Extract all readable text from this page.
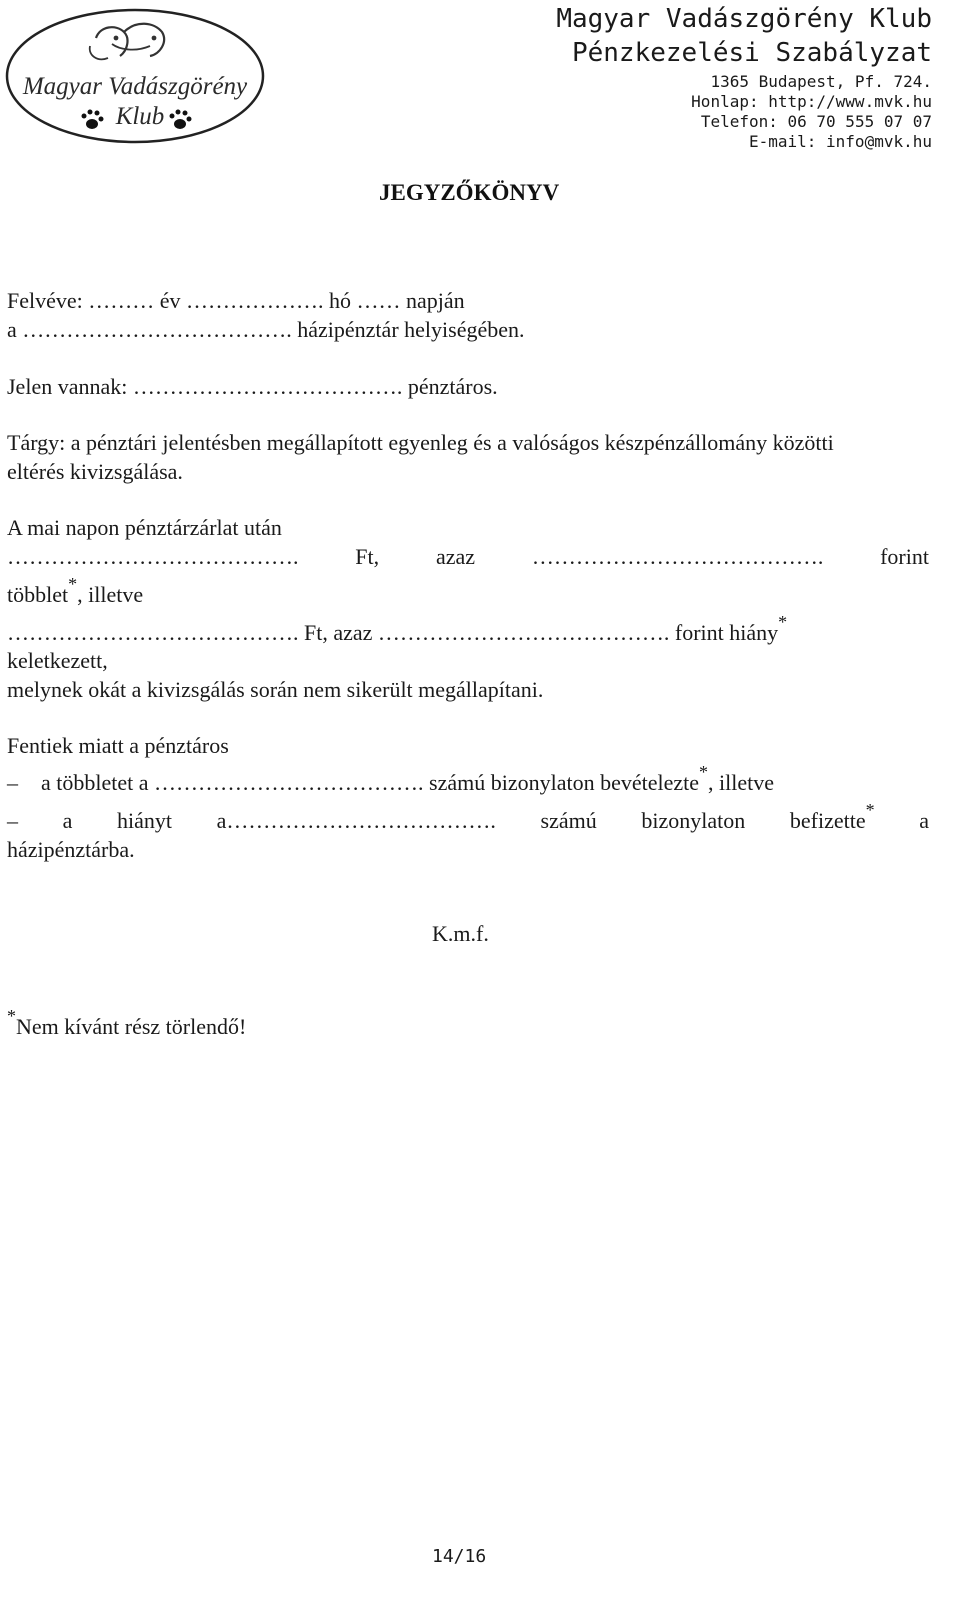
Magyar Vadászgörény
Klub
Magyar Vadászgörény Klub
Pénzkezelési Szabályzat
1365 Budapest, Pf. 724.
Honlap: http://www.mvk.hu
Telefon: 06 70 555 07 07
E-mail: info@mvk.hu
JEGYZŐKÖNYV
Felvéve: ……… év ………………. hó …… napján
a ………………………………. házipénztár helyiségében.
Jelen vannak: ………………………………. pénztáros.
Tárgy: a pénztári jelentésben megállapított egyenleg és a valóságos készpénzállomány közötti
eltérés kivizsgálása.
A mai napon pénztárzárlat után
………………………………….	Ft,	azaz	………………………………….	forint
többlet*, illetve
…………………………………. Ft, azaz …………………………………. forint hiány*
keletkezett,
melynek okát a kivizsgálás során nem sikerült megállapítani.
Fentiek miatt a pénztáros
– a többletet a ………………………………. számú bizonylaton bevételezte*, illetve
– a hiányt a………………………………. számú bizonylaton befizette* a
házipénztárba.
K.m.f.
*Nem kívánt rész törlendő!
14/16
